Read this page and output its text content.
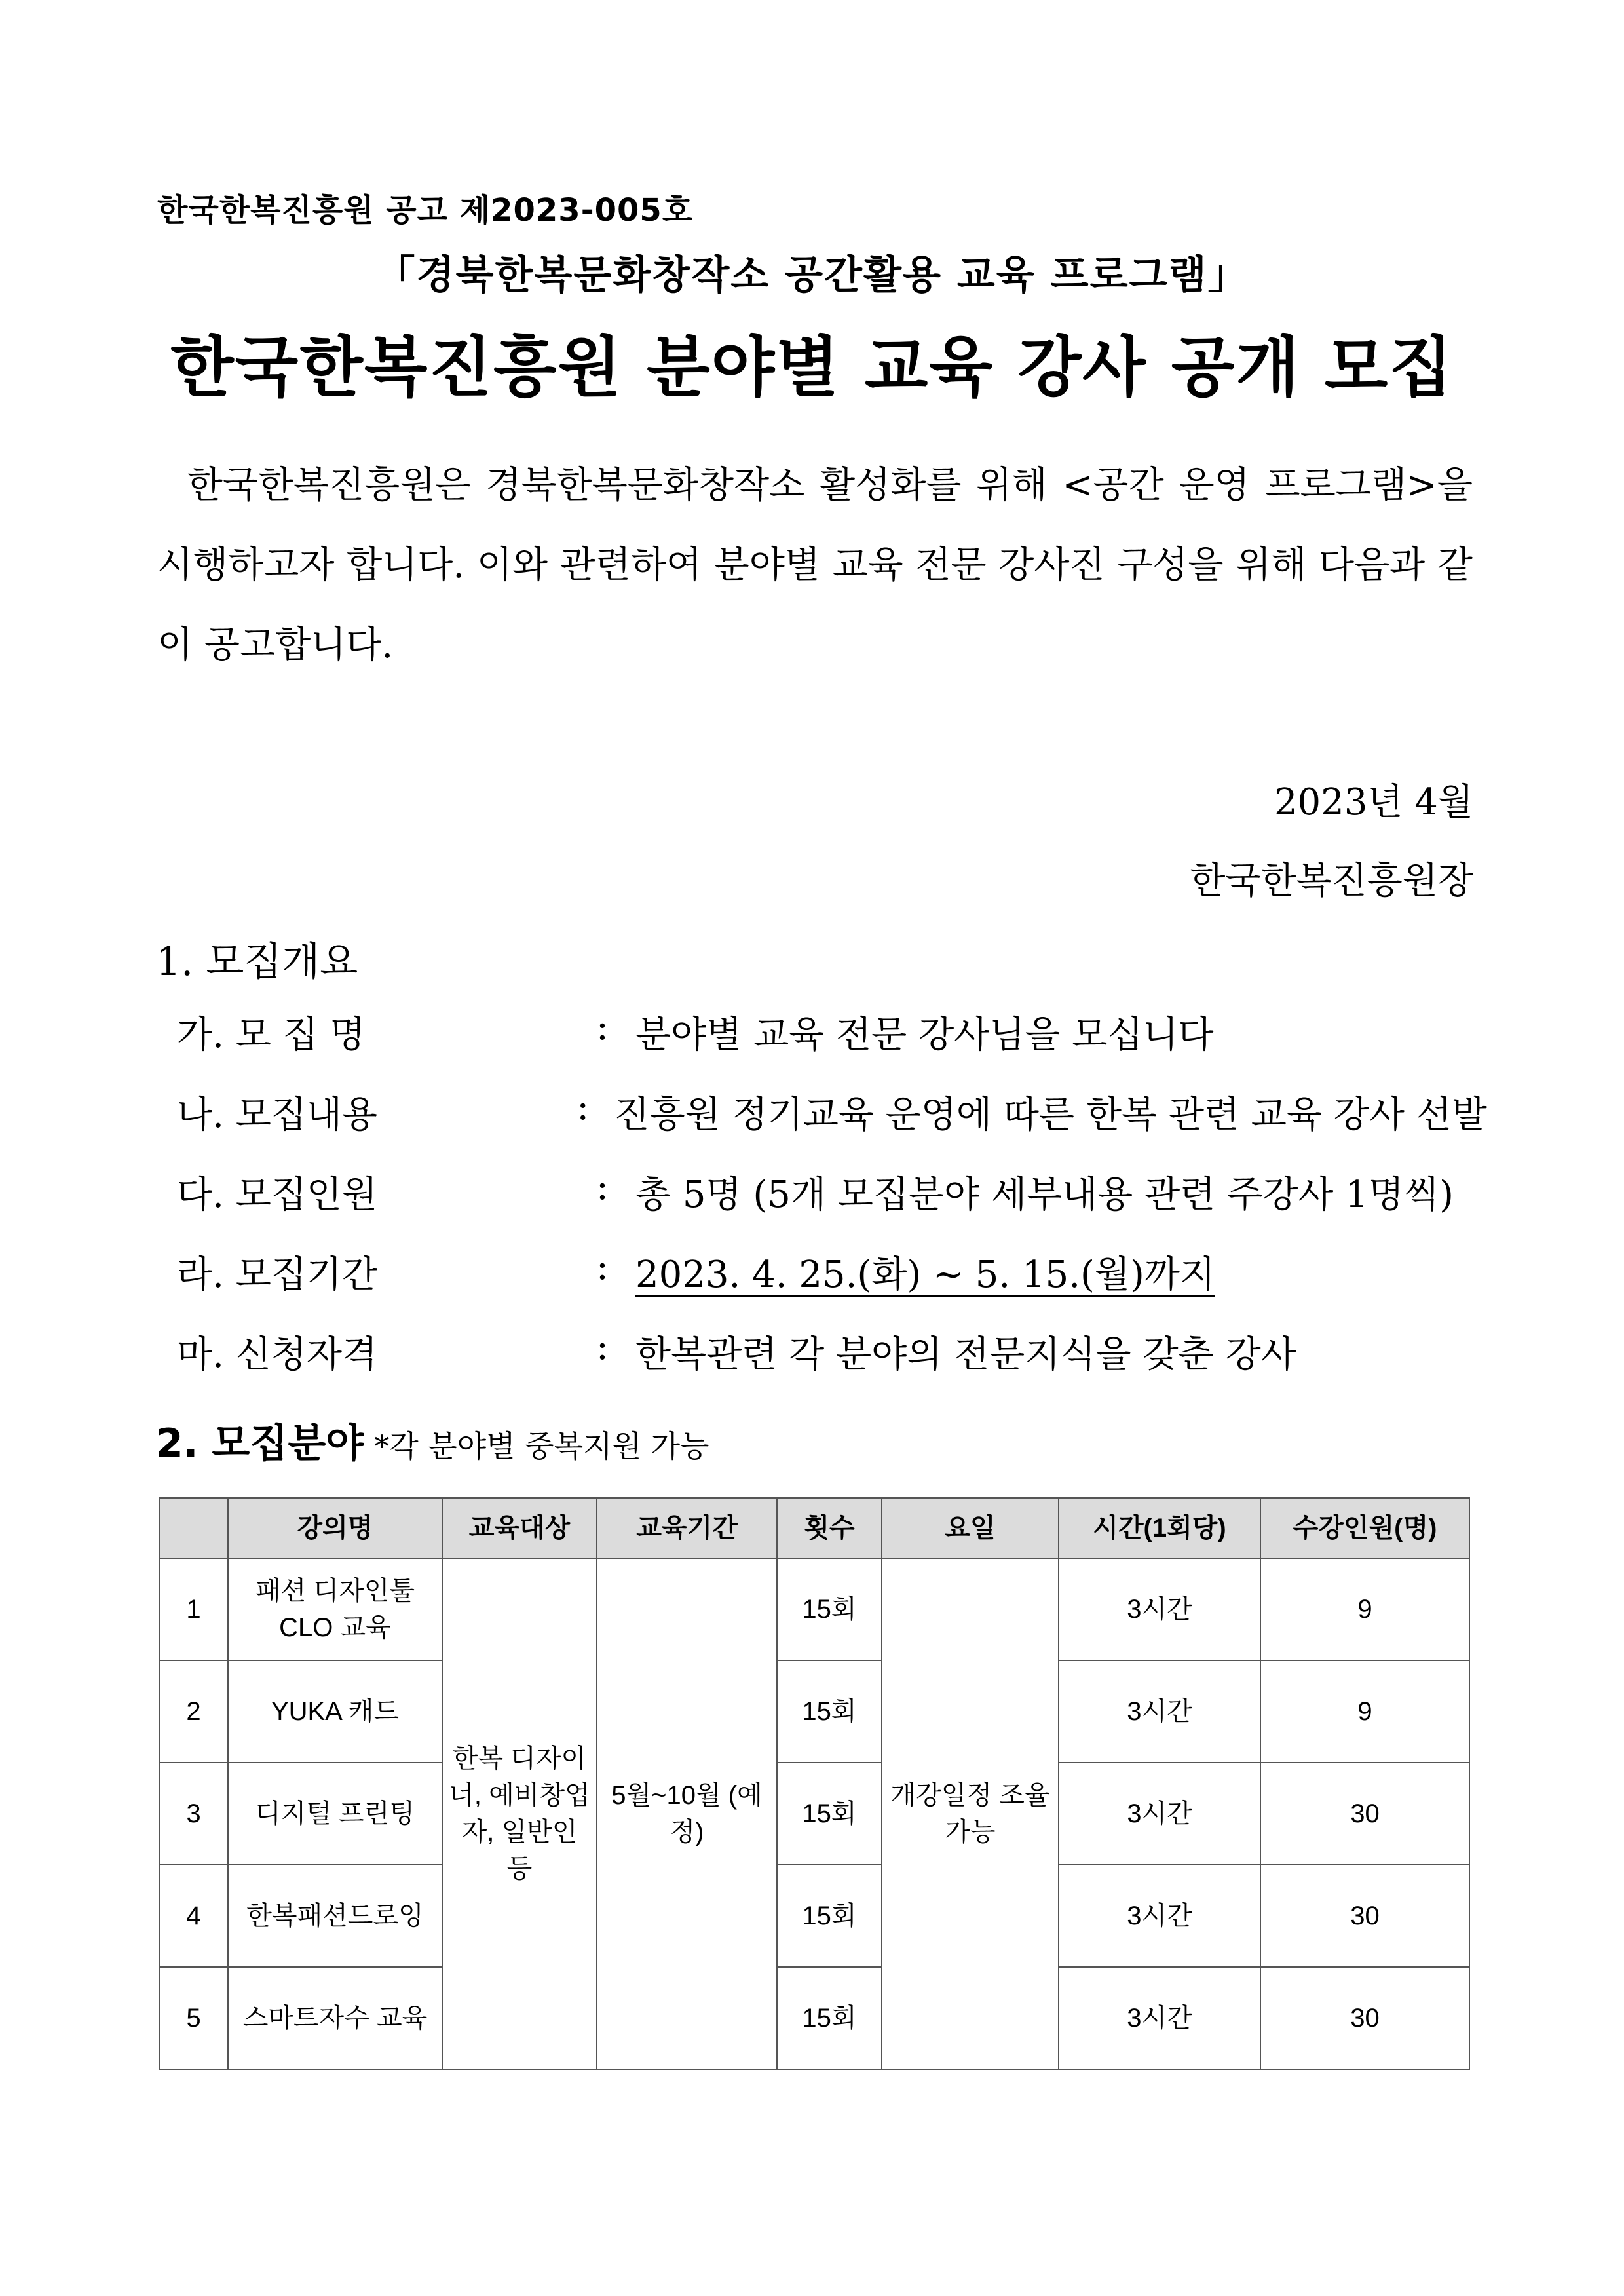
한국한복진흥원 공고 제2023-005호
「경북한복문화창작소 공간활용 교육 프로그램」
한국한복진흥원 분야별 교육 강사 공개 모집
한국한복진흥원은 경북한복문화창작소 활성화를 위해 <공간 운영 프로그램>을 시행하고자 합니다. 이와 관련하여 분야별 교육 전문 강사진 구성을 위해 다음과 같이 공고합니다.
2023년 4월
한국한복진흥원장
1. 모집개요
가. 모 집 명	: 분야별 교육 전문 강사님을 모십니다
나. 모집내용	: 진흥원 정기교육 운영에 따른 한복 관련 교육 강사 선발
다. 모집인원	: 총 5명 (5개 모집분야 세부내용 관련 주강사 1명씩)
라. 모집기간	: 2023. 4. 25.(화) ~ 5. 15.(월)까지
마. 신청자격	: 한복관련 각 분야의 전문지식을 갖춘 강사
2. 모집분야 *각 분야별 중복지원 가능
	강의명	교육대상	교육기간	횟수	요일	시간(1회당)	수강인원(명)
1	패션 디자인툴 CLO 교육	한복 디자이너, 예비창업자, 일반인 등	5월~10월 (예정)	15회	개강일정 조율가능	3시간	9
2	YUKA 캐드			15회		3시간	9
3	디지털 프린팅			15회		3시간	30
4	한복패션드로잉			15회		3시간	30
5	스마트자수 교육			15회		3시간	30
